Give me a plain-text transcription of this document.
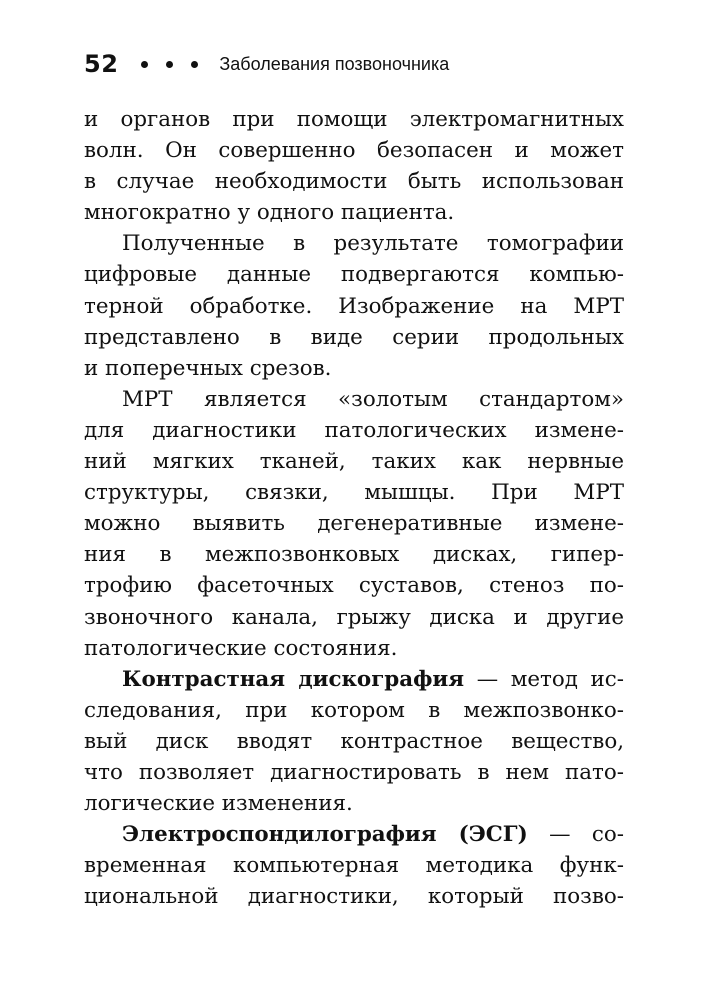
52	Заболевания позвоночника
и органов при помощи электромагнитных
волн. Он совершенно безопасен и может
в случае необходимости быть использован
многократно у одного пациента.
Полученные в результате томографии
цифровые данные подвергаются компью-
терной обработке. Изображение на МРТ
представлено в виде серии продольных
и поперечных срезов.
МРТ является «золотым стандартом»
для диагностики патологических измене-
ний мягких тканей, таких как нервные
структуры, связки, мышцы. При МРТ
можно выявить дегенеративные измене-
ния в межпозвонковых дисках, гипер-
трофию фасеточных суставов, стеноз по-
звоночного канала, грыжу диска и другие
патологические состояния.
Контрастная дискография — метод ис-
следования, при котором в межпозвонко-
вый диск вводят контрастное вещество,
что позволяет диагностировать в нем пато-
логические изменения.
Электроспондилография (ЭСГ) — со-
временная компьютерная методика функ-
циональной диагностики, который позво-
